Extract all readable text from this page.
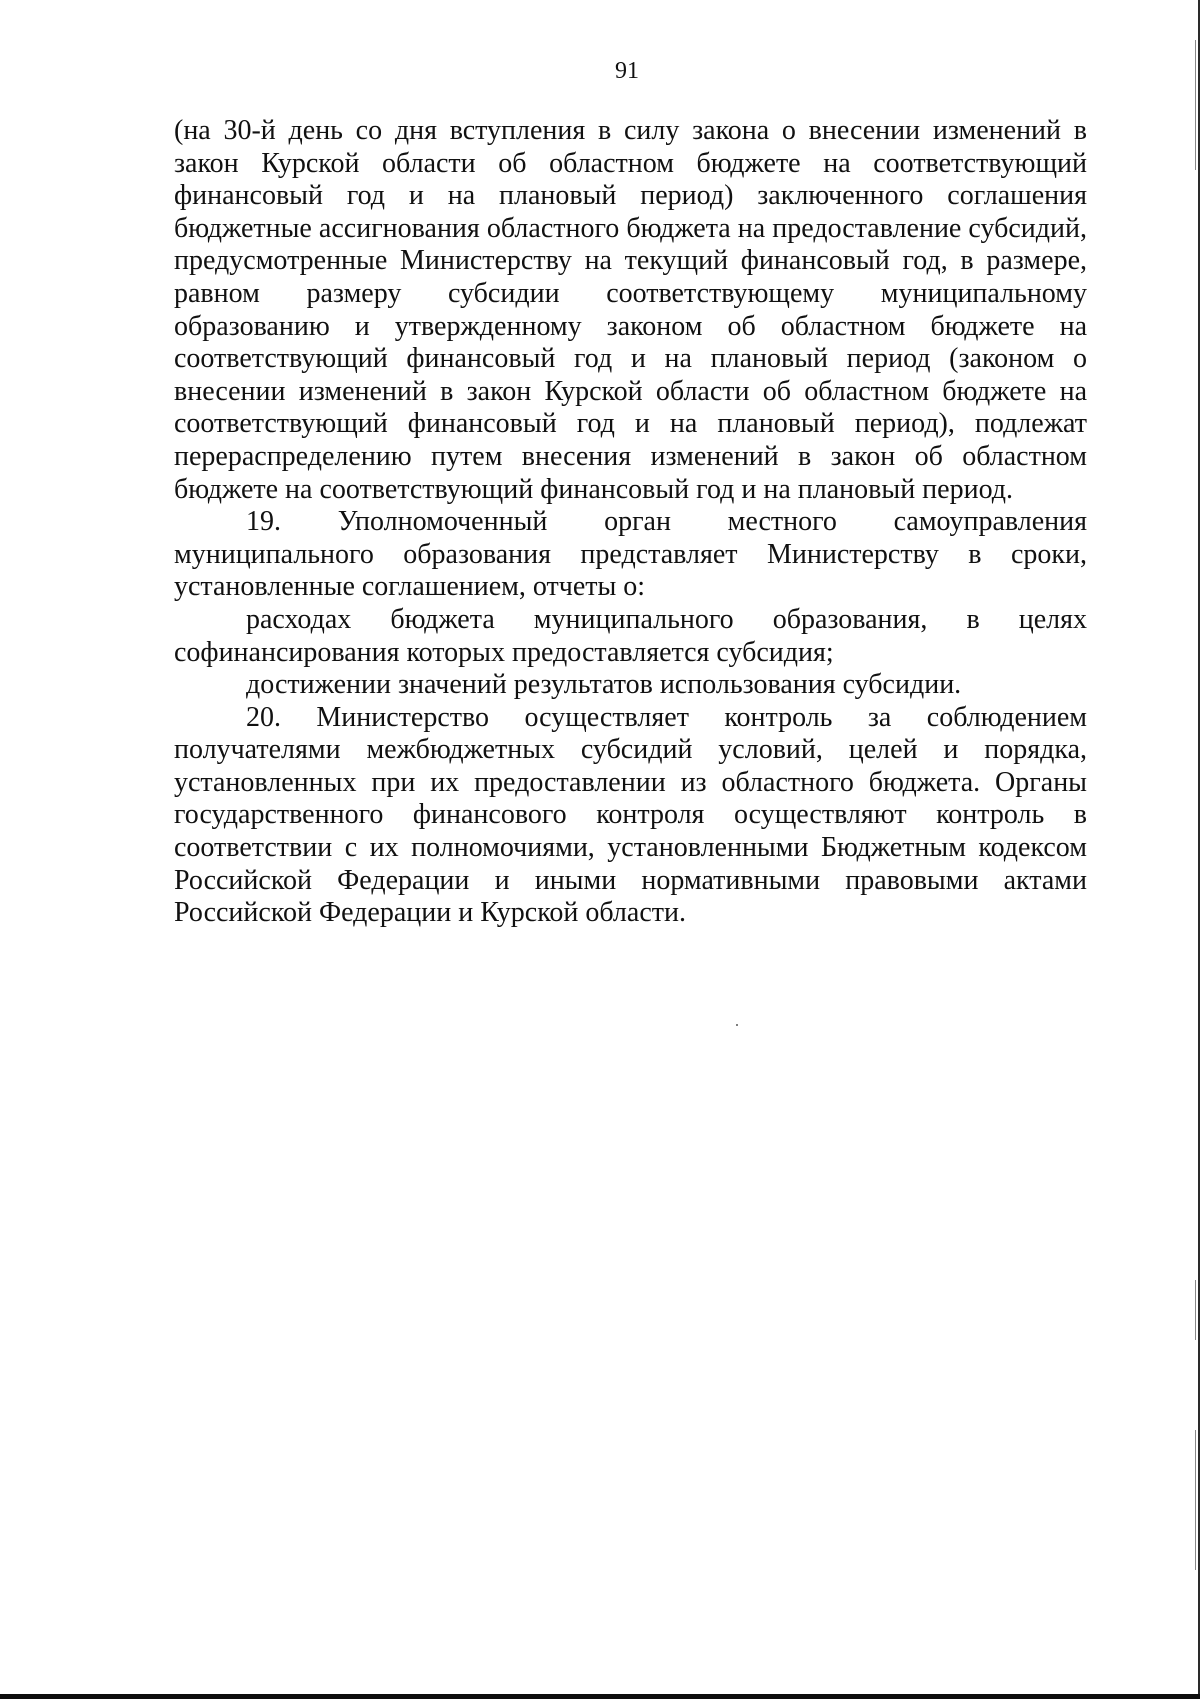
91

(на 30-й день со дня вступления в силу закона о внесении изменений в закон Курской области об областном бюджете на соответствующий финансовый год и на плановый период) заключенного соглашения бюджетные ассигнования областного бюджета на предоставление субсидий, предусмотренные Министерству на текущий финансовый год, в размере, равном размеру субсидии соответствующему муниципальному образованию и утвержденному законом об областном бюджете на соответствующий финансовый год и на плановый период (законом о внесении изменений в закон Курской области об областном бюджете на соответствующий финансовый год и на плановый период), подлежат перераспределению путем внесения изменений в закон об областном бюджете на соответствующий финансовый год и на плановый период.

19. Уполномоченный орган местного самоуправления муниципального образования представляет Министерству в сроки, установленные соглашением, отчеты о:

расходах бюджета муниципального образования, в целях софинансирования которых предоставляется субсидия;

достижении значений результатов использования субсидии.

20. Министерство осуществляет контроль за соблюдением получателями межбюджетных субсидий условий, целей и порядка, установленных при их предоставлении из областного бюджета. Органы государственного финансового контроля осуществляют контроль в соответствии с их полномочиями, установленными Бюджетным кодексом Российской Федерации и иными нормативными правовыми актами Российской Федерации и Курской области.
